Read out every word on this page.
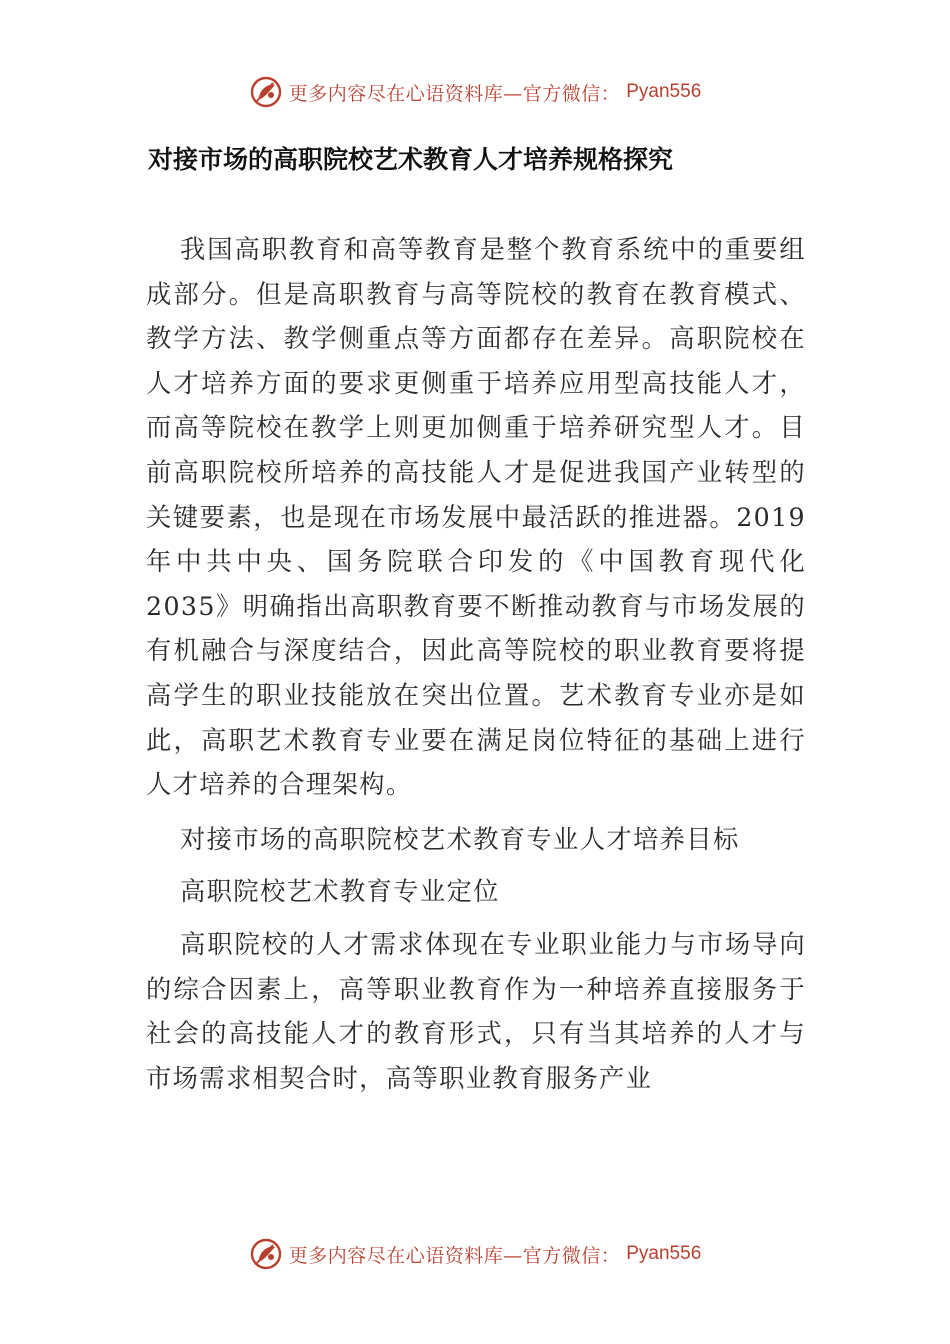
更多内容尽在心语资料库—官方微信： Pyan556
对接市场的高职院校艺术教育人才培养规格探究

我国高职教育和高等教育是整个教育系统中的重要组成部分。但是高职教育与高等院校的教育在教育模式、教学方法、教学侧重点等方面都存在差异。高职院校在人才培养方面的要求更侧重于培养应用型高技能人才，而高等院校在教学上则更加侧重于培养研究型人才。目前高职院校所培养的高技能人才是促进我国产业转型的关键要素，也是现在市场发展中最活跃的推进器。2019 年中共中央、国务院联合印发的《中国教育现代化 2035》明确指出高职教育要不断推动教育与市场发展的有机融合与深度结合，因此高等院校的职业教育要将提高学生的职业技能放在突出位置。艺术教育专业亦是如此，高职艺术教育专业要在满足岗位特征的基础上进行人才培养的合理架构。

对接市场的高职院校艺术教育专业人才培养目标

高职院校艺术教育专业定位

高职院校的人才需求体现在专业职业能力与市场导向的综合因素上，高等职业教育作为一种培养直接服务于社会的高技能人才的教育形式，只有当其培养的人才与市场需求相契合时，高等职业教育服务产业

更多内容尽在心语资料库—官方微信： Pyan556
